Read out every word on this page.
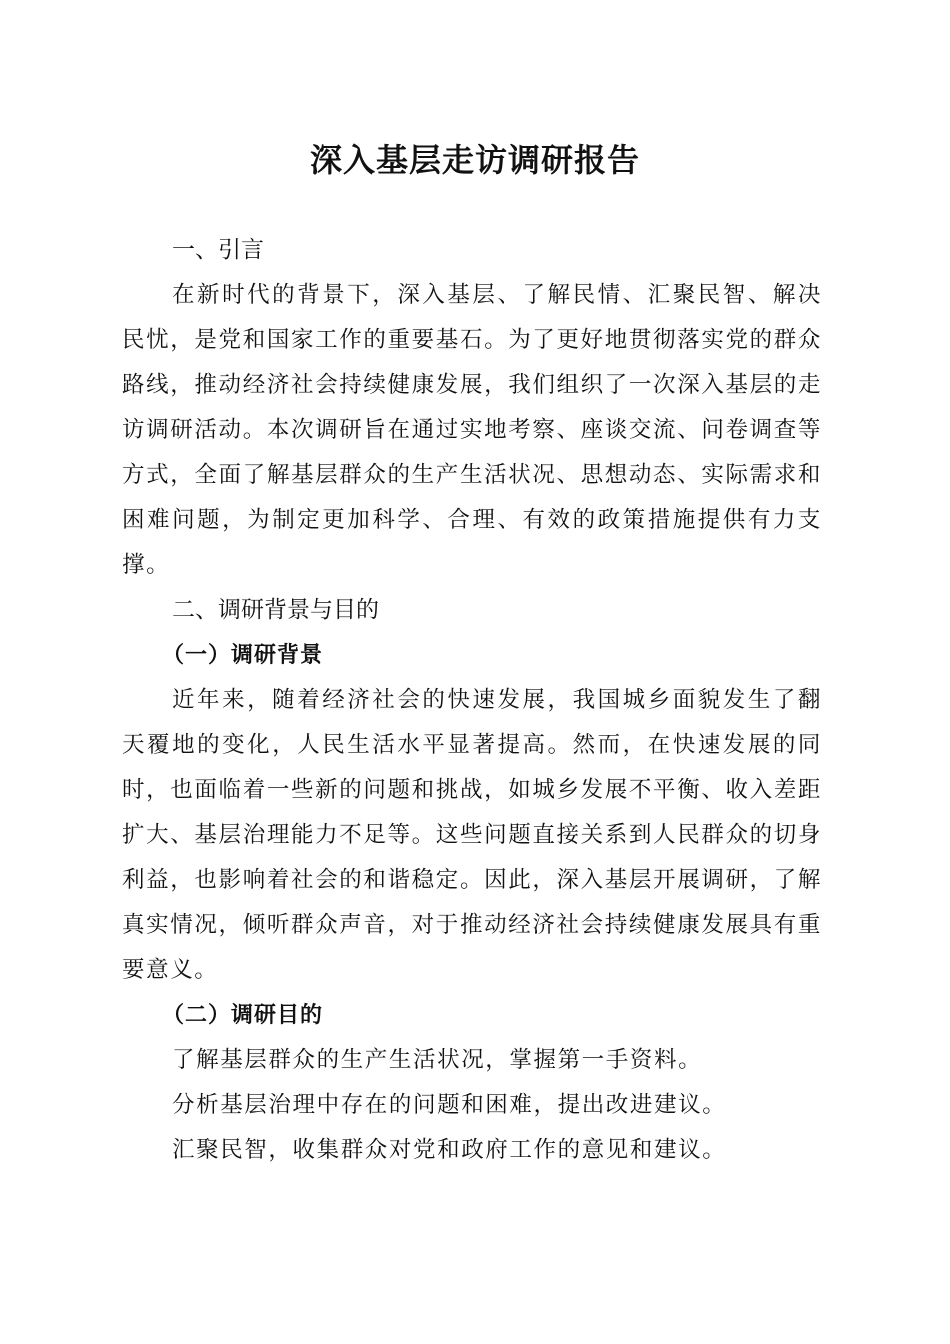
深入基层走访调研报告
一、引言

在新时代的背景下，深入基层、了解民情、汇聚民智、解决民忧，是党和国家工作的重要基石。为了更好地贯彻落实党的群众路线，推动经济社会持续健康发展，我们组织了一次深入基层的走访调研活动。本次调研旨在通过实地考察、座谈交流、问卷调查等方式，全面了解基层群众的生产生活状况、思想动态、实际需求和困难问题，为制定更加科学、合理、有效的政策措施提供有力支撑。

二、调研背景与目的
（一）调研背景

近年来，随着经济社会的快速发展，我国城乡面貌发生了翻天覆地的变化，人民生活水平显著提高。然而，在快速发展的同时，也面临着一些新的问题和挑战，如城乡发展不平衡、收入差距扩大、基层治理能力不足等。这些问题直接关系到人民群众的切身利益，也影响着社会的和谐稳定。因此，深入基层开展调研，了解真实情况，倾听群众声音，对于推动经济社会持续健康发展具有重要意义。

（二）调研目的

了解基层群众的生产生活状况，掌握第一手资料。

分析基层治理中存在的问题和困难，提出改进建议。

汇聚民智，收集群众对党和政府工作的意见和建议。
